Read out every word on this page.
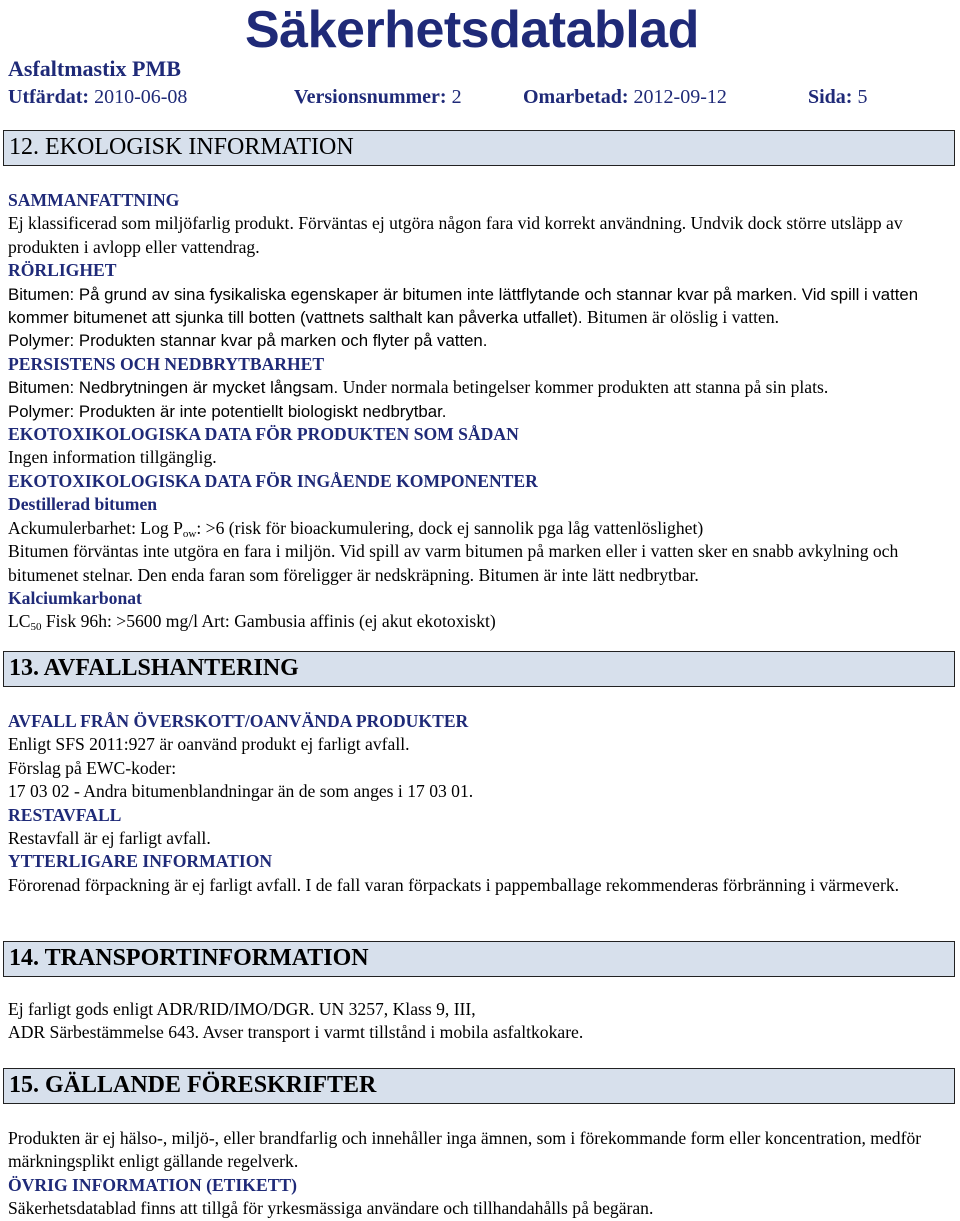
Säkerhetsdatablad
Asfaltmastix PMB
Utfärdat: 2010-06-08	Versionsnummer: 2	Omarbetad: 2012-09-12	Sida: 5
12. EKOLOGISK INFORMATION

SAMMANFATTNING

Ej klassificerad som miljöfarlig produkt. Förväntas ej utgöra någon fara vid korrekt användning. Undvik dock större utsläpp av produkten i avlopp eller vattendrag.

RÖRLIGHET

Bitumen: På grund av sina fysikaliska egenskaper är bitumen inte lättflytande och stannar kvar på marken. Vid spill i vatten kommer bitumenet att sjunka till botten (vattnets salthalt kan påverka utfallet). Bitumen är olöslig i vatten.

Polymer: Produkten stannar kvar på marken och flyter på vatten.

PERSISTENS OCH NEDBRYTBARHET

Bitumen: Nedbrytningen är mycket långsam. Under normala betingelser kommer produkten att stanna på sin plats.

Polymer: Produkten är inte potentiellt biologiskt nedbrytbar.

EKOTOXIKOLOGISKA DATA FÖR PRODUKTEN SOM SÅDAN

Ingen information tillgänglig.

EKOTOXIKOLOGISKA DATA FÖR INGÅENDE KOMPONENTER

Destillerad bitumen

Ackumulerbarhet: Log $P_{ow}$: >6 (risk för bioackumulering, dock ej sannolik pga låg vattenlöslighet)

Bitumen förväntas inte utgöra en fara i miljön. Vid spill av varm bitumen på marken eller i vatten sker en snabb avkylning och bitumenet stelnar. Den enda faran som föreligger är nedskräpning. Bitumen är inte lätt nedbrytbar.

Kalciumkarbonat

$LC_{50}$ Fisk 96h: >5600 mg/l Art: Gambusia affinis (ej akut ekotoxiskt)

13. AVFALLSHANTERING

AVFALL FRÅN ÖVERSKOTT/OANVÄNDA PRODUKTER

Enligt SFS 2011:927 är oanvänd produkt ej farligt avfall.

Förslag på EWC-koder:

17 03 02 - Andra bitumenblandningar än de som anges i 17 03 01.

RESTAVFALL

Restavfall är ej farligt avfall.

YTTERLIGARE INFORMATION

Förorenad förpackning är ej farligt avfall. I de fall varan förpackats i pappemballage rekommenderas förbränning i värmeverk.

14. TRANSPORTINFORMATION

Ej farligt gods enligt ADR/RID/IMO/DGR. UN 3257, Klass 9, III,

ADR Särbestämmelse 643. Avser transport i varmt tillstånd i mobila asfaltkokare.

15. GÄLLANDE FÖRESKRIFTER

Produkten är ej hälso-, miljö-, eller brandfarlig och innehåller inga ämnen, som i förekommande form eller koncentration, medför märkningsplikt enligt gällande regelverk.

ÖVRIG INFORMATION (ETIKETT)

Säkerhetsdatablad finns att tillgå för yrkesmässiga användare och tillhandahålls på begäran.
